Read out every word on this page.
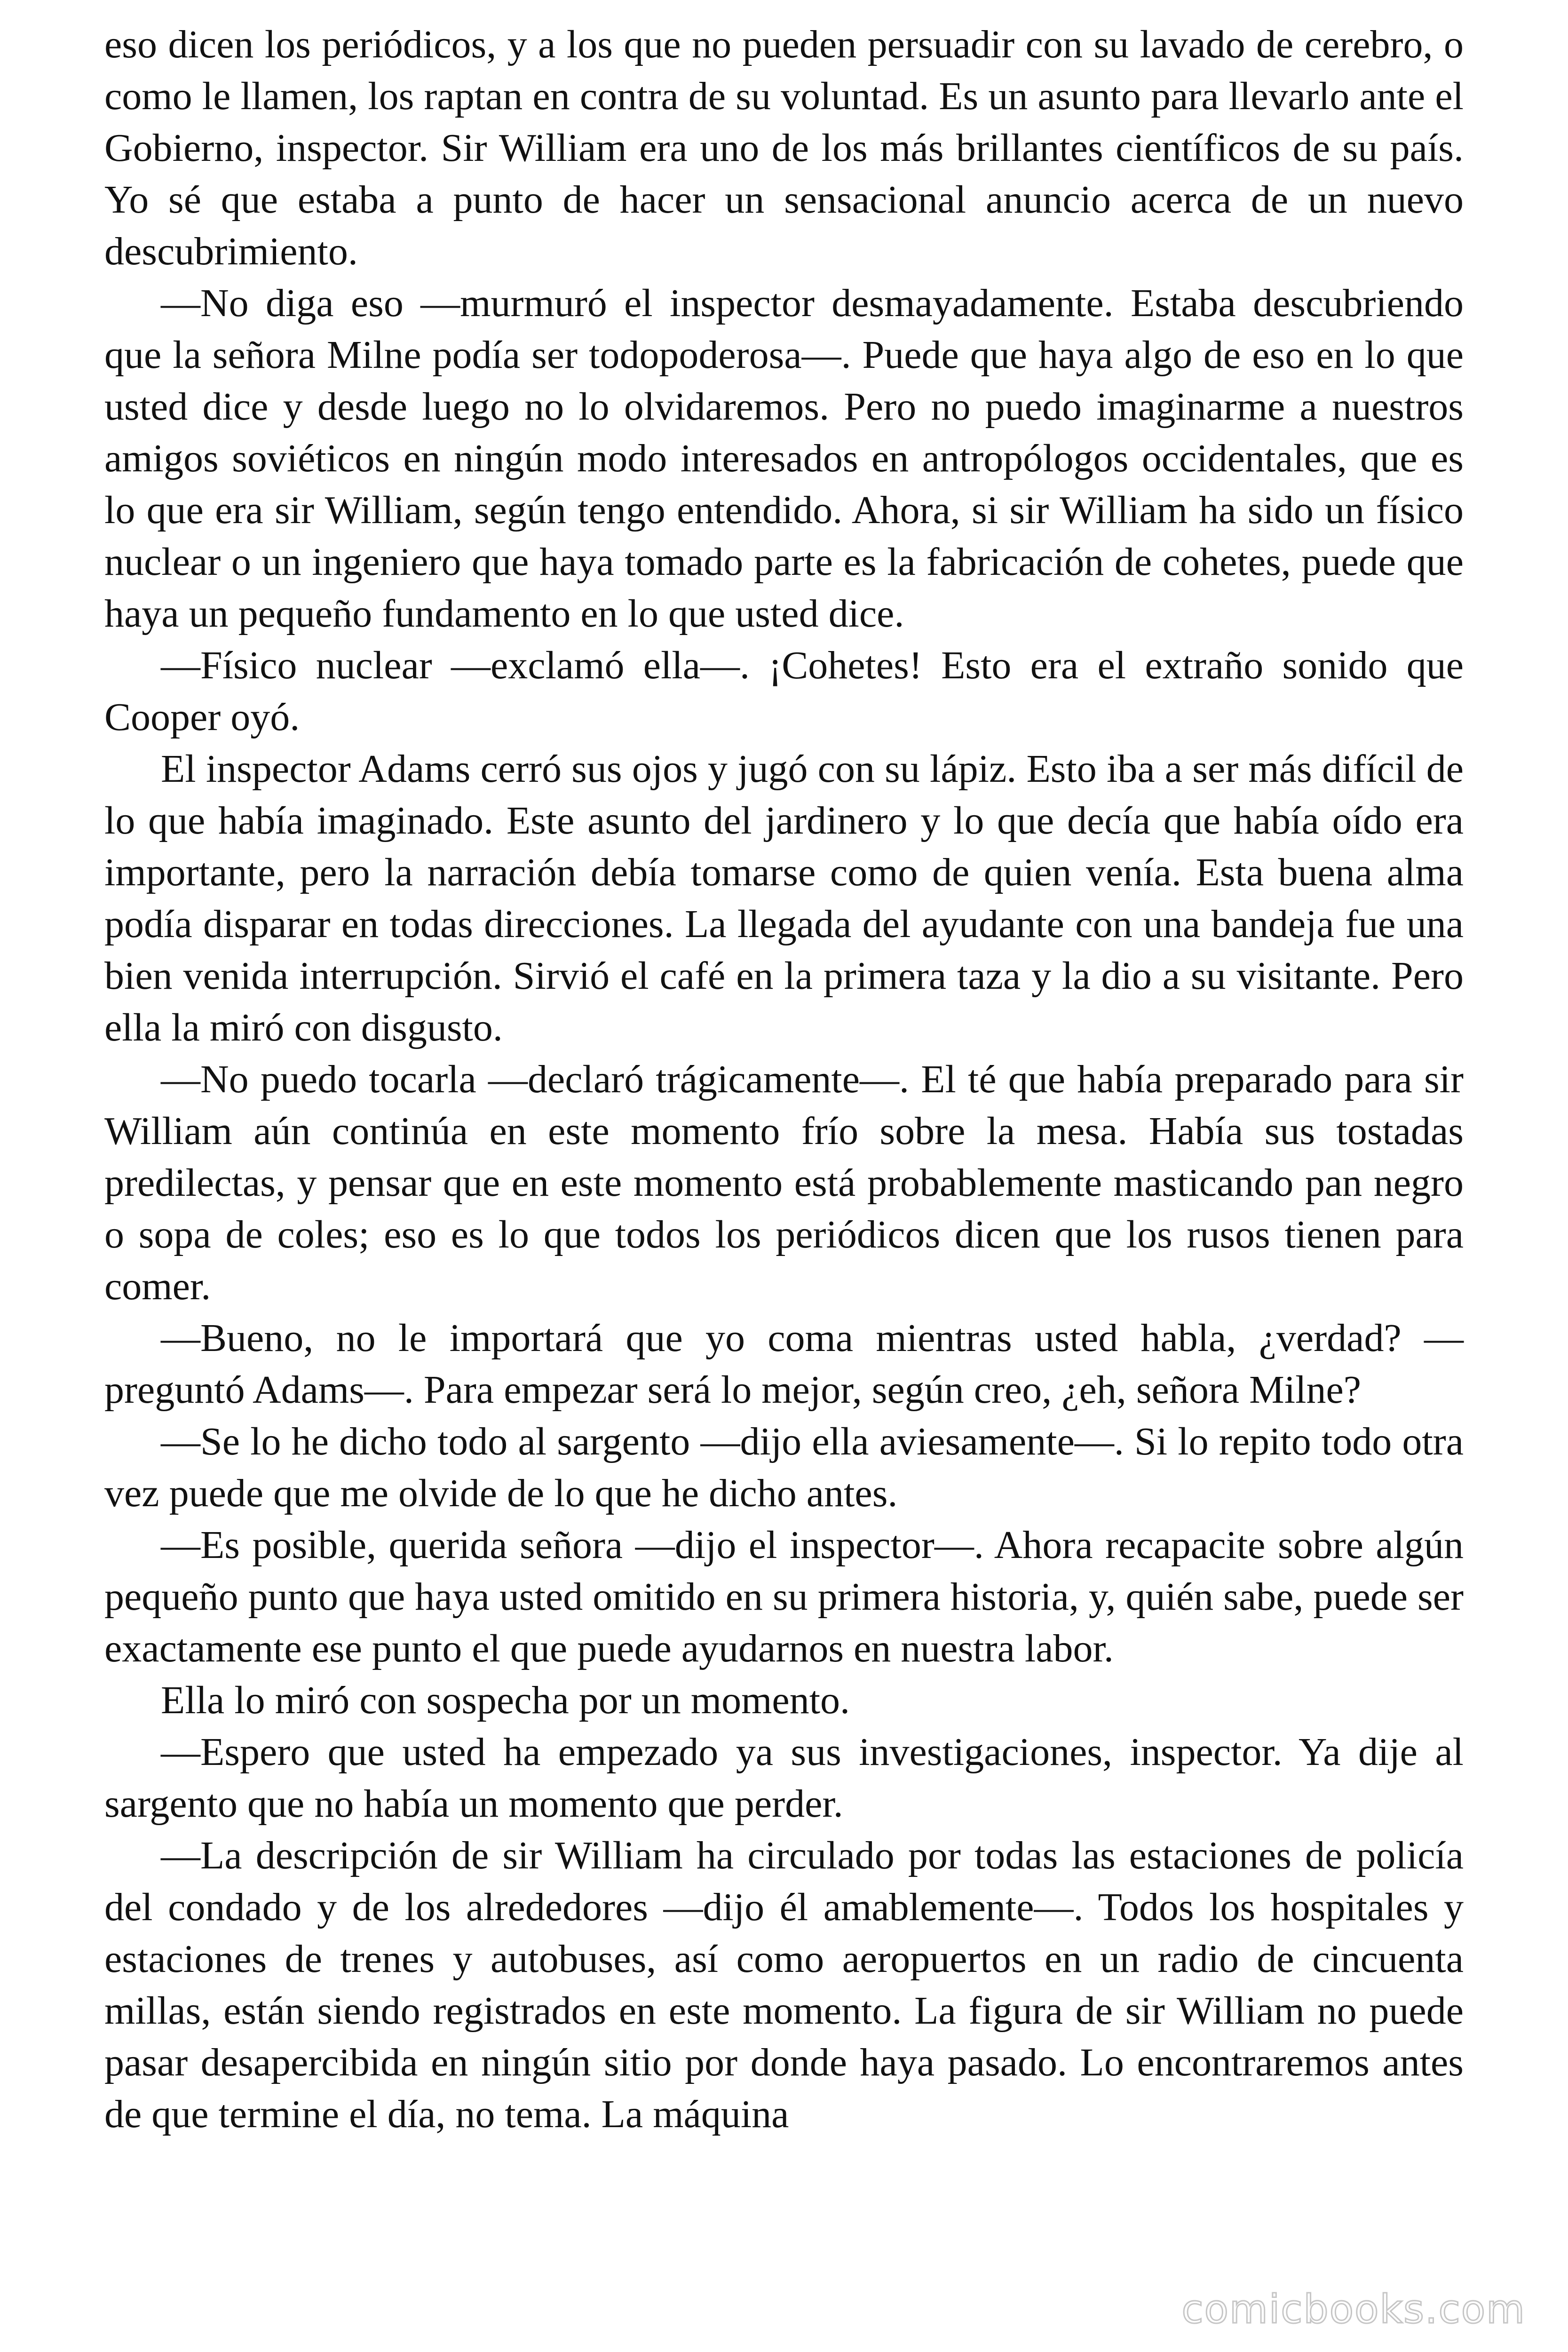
eso dicen los periódicos, y a los que no pueden persuadir con su lavado de cerebro, o como le llamen, los raptan en contra de su voluntad. Es un asunto para llevarlo ante el Gobierno, inspector. Sir William era uno de los más brillantes científicos de su país. Yo sé que estaba a punto de hacer un sensacional anuncio acerca de un nuevo descubrimiento.

—No diga eso —murmuró el inspector desmayadamente. Estaba descubriendo que la señora Milne podía ser todopoderosa—. Puede que haya algo de eso en lo que usted dice y desde luego no lo olvidaremos. Pero no puedo imaginarme a nuestros amigos soviéticos en ningún modo interesados en antropólogos occidentales, que es lo que era sir William, según tengo entendido. Ahora, si sir William ha sido un físico nuclear o un ingeniero que haya tomado parte es la fabricación de cohetes, puede que haya un pequeño fundamento en lo que usted dice.

—Físico nuclear —exclamó ella—. ¡Cohetes! Esto era el extraño sonido que Cooper oyó.

El inspector Adams cerró sus ojos y jugó con su lápiz. Esto iba a ser más difícil de lo que había imaginado. Este asunto del jardinero y lo que decía que había oído era importante, pero la narración debía tomarse como de quien venía. Esta buena alma podía disparar en todas direcciones. La llegada del ayudante con una bandeja fue una bien venida interrupción. Sirvió el café en la primera taza y la dio a su visitante. Pero ella la miró con disgusto.

—No puedo tocarla —declaró trágicamente—. El té que había preparado para sir William aún continúa en este momento frío sobre la mesa. Había sus tostadas predilectas, y pensar que en este momento está probablemente masticando pan negro o sopa de coles; eso es lo que todos los periódicos dicen que los rusos tienen para comer.

—Bueno, no le importará que yo coma mientras usted habla, ¿verdad? — preguntó Adams—. Para empezar será lo mejor, según creo, ¿eh, señora Milne?

—Se lo he dicho todo al sargento —dijo ella aviesamente—. Si lo repito todo otra vez puede que me olvide de lo que he dicho antes.

—Es posible, querida señora —dijo el inspector—. Ahora recapacite sobre algún pequeño punto que haya usted omitido en su primera historia, y, quién sabe, puede ser exactamente ese punto el que puede ayudarnos en nuestra labor.

Ella lo miró con sospecha por un momento.

—Espero que usted ha empezado ya sus investigaciones, inspector. Ya dije al sargento que no había un momento que perder.

—La descripción de sir William ha circulado por todas las estaciones de policía del condado y de los alrededores —dijo él amablemente—. Todos los hospitales y estaciones de trenes y autobuses, así como aeropuertos en un radio de cincuenta millas, están siendo registrados en este momento. La figura de sir William no puede pasar desapercibida en ningún sitio por donde haya pasado. Lo encontraremos antes de que termine el día, no tema. La máquina

comicbooks.com
